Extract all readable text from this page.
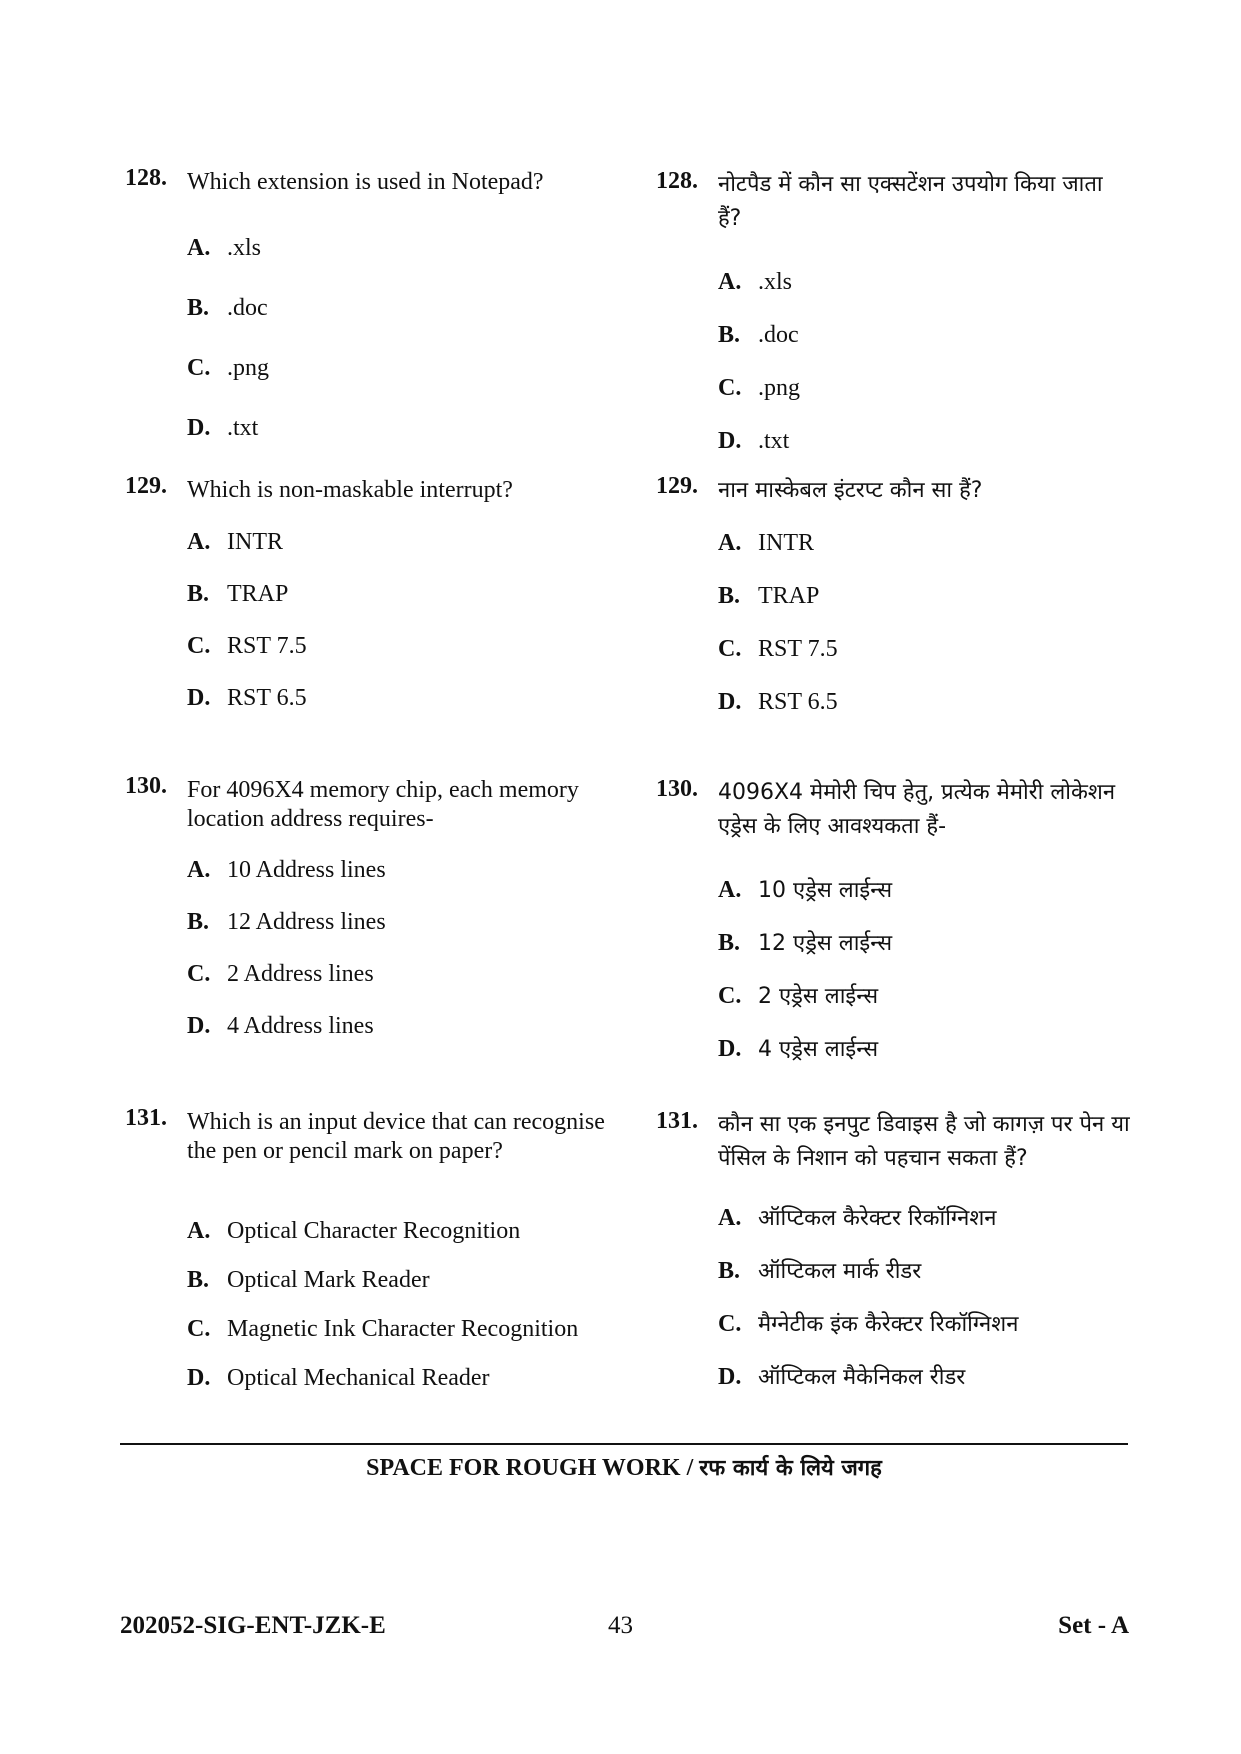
128. Which extension is used in Notepad?
A. .xls
B. .doc
C. .png
D. .txt
129. Which is non-maskable interrupt?
A. INTR
B. TRAP
C. RST 7.5
D. RST 6.5
130. For 4096X4 memory chip, each memory location address requires-
A. 10 Address lines
B. 12 Address lines
C. 2 Address lines
D. 4 Address lines
131. Which is an input device that can recognise the pen or pencil mark on paper?
A. Optical Character Recognition
B. Optical Mark Reader
C. Magnetic Ink Character Recognition
D. Optical Mechanical Reader
128. नोटपैड में कौन सा एक्सटेंशन उपयोग किया जाता हैं?
A. .xls
B. .doc
C. .png
D. .txt
129. नान मास्केबल इंटरप्ट कौन सा हैं?
A. INTR
B. TRAP
C. RST 7.5
D. RST 6.5
130. 4096X4 मेमोरी चिप हेतु, प्रत्येक मेमोरी लोकेशन एड्रेस के लिए आवश्यकता हैं-
A. 10 एड्रेस लाईन्स
B. 12 एड्रेस लाईन्स
C. 2 एड्रेस लाईन्स
D. 4 एड्रेस लाईन्स
131. कौन सा एक इनपुट डिवाइस है जो कागज़ पर पेन या पेंसिल के निशान को पहचान सकता हैं?
A. ऑप्टिकल कैरेक्टर रिकॉग्निशन
B. ऑप्टिकल मार्क रीडर
C. मैग्नेटीक इंक कैरेक्टर रिकॉग्निशन
D. ऑप्टिकल मैकेनिकल रीडर
SPACE FOR ROUGH WORK / रफ कार्य के लिये जगह
43
202052-SIG-ENT-JZK-E	Set - A
